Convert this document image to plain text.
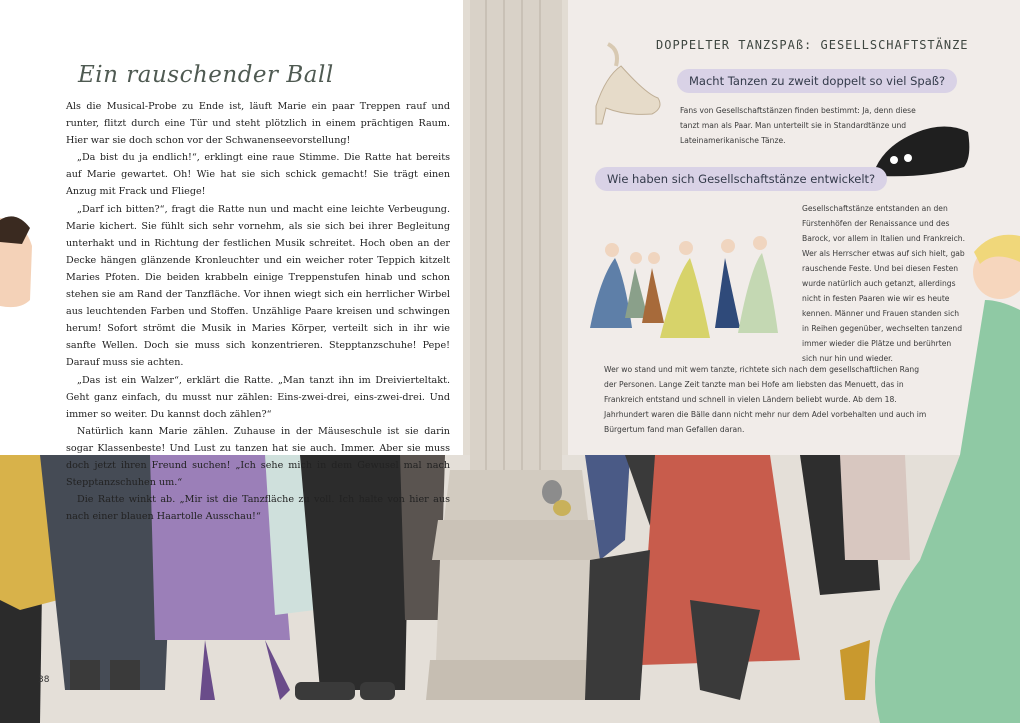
Ein rauschender Ball

Als die Musical-Probe zu Ende ist, läuft Marie ein paar Treppen rauf und runter, flitzt durch eine Tür und steht plötzlich in einem prächtigen Raum. Hier war sie doch schon vor der Schwanenseevorstellung!

„Da bist du ja endlich!“, erklingt eine raue Stimme. Die Ratte hat bereits auf Marie gewartet. Oh! Wie hat sie sich schick gemacht! Sie trägt einen Anzug mit Frack und Fliege!

„Darf ich bitten?“, fragt die Ratte nun und macht eine leichte Verbeugung. Marie kichert. Sie fühlt sich sehr vornehm, als sie sich bei ihrer Begleitung unterhakt und in Richtung der festlichen Musik schreitet. Hoch oben an der Decke hängen glänzende Kronleuchter und ein weicher roter Teppich kitzelt Maries Pfoten. Die beiden krabbeln einige Treppenstufen hinab und schon stehen sie am Rand der Tanzfläche. Vor ihnen wiegt sich ein herrlicher Wirbel aus leuchtenden Farben und Stoffen. Unzählige Paare kreisen und schwingen herum! Sofort strömt die Musik in Maries Körper, verteilt sich in ihr wie sanfte Wellen. Doch sie muss sich konzentrieren. Stepptanzschuhe! Pepe! Darauf muss sie achten.

„Das ist ein Walzer“, erklärt die Ratte. „Man tanzt ihn im Dreivierteltakt. Geht ganz einfach, du musst nur zählen: Eins-zwei-drei, eins-zwei-drei. Und immer so weiter. Du kannst doch zählen?“

Natürlich kann Marie zählen. Zuhause in der Mäuseschule ist sie darin sogar Klassenbeste! Und Lust zu tanzen hat sie auch. Immer. Aber sie muss doch jetzt ihren Freund suchen! „Ich sehe mich in dem Gewusel mal nach Stepptanzschuhen um.“

Die Ratte winkt ab. „Mir ist die Tanzfläche zu voll. Ich halte von hier aus nach einer blauen Haartolle Ausschau!“

38
DOPPELTER TANZSPAß: GESELLSCHAFTSTÄNZE
Macht Tanzen zu zweit doppelt so viel Spaß?
Fans von Gesellschaftstänzen finden bestimmt: Ja, denn diese tanzt man als Paar. Man unterteilt sie in Standardtänze und Lateinamerikanische Tänze.
Wie haben sich Gesellschaftstänze entwickelt?
Gesellschaftstänze entstanden an den Fürstenhöfen der Renaissance und des Barock, vor allem in Italien und Frankreich. Wer als Herrscher etwas auf sich hielt, gab rauschende Feste. Und bei diesen Festen wurde natürlich auch getanzt, allerdings nicht in festen Paaren wie wir es heute kennen. Männer und Frauen standen sich in Reihen gegenüber, wechselten tanzend immer wieder die Plätze und berührten sich nur hin und wieder.
Wer wo stand und mit wem tanzte, richtete sich nach dem gesellschaftlichen Rang der Personen. Lange Zeit tanzte man bei Hofe am liebsten das Menuett, das in Frankreich entstand und schnell in vielen Ländern beliebt wurde. Ab dem 18. Jahrhundert waren die Bälle dann nicht mehr nur dem Adel vorbehalten und auch im Bürgertum fand man Gefallen daran.
